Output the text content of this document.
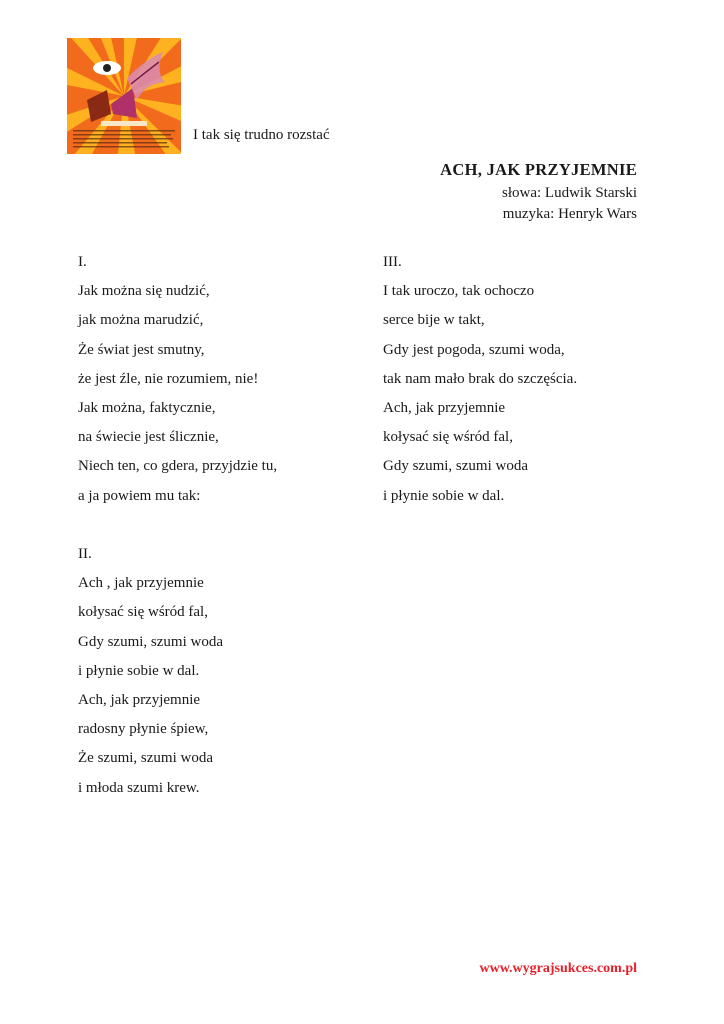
I tak się trudno rozstać
ACH, JAK PRZYJEMNIE
słowa: Ludwik Starski
muzyka: Henryk Wars
I.
Jak można się nudzić,
jak można marudzić,
Że świat jest smutny,
że jest źle, nie rozumiem, nie!
Jak można, faktycznie,
na świecie jest ślicznie,
Niech ten, co gdera, przyjdzie tu,
a ja powiem mu tak:
II.
Ach , jak przyjemnie
kołysać się wśród fal,
Gdy szumi, szumi woda
i płynie sobie w dal.
Ach, jak przyjemnie
radosny płynie śpiew,
Że szumi, szumi woda
i młoda szumi krew.
III.
I tak uroczo, tak ochoczo
serce bije w takt,
Gdy jest pogoda, szumi woda,
tak nam mało brak do szczęścia.
Ach, jak przyjemnie
kołysać się wśród fal,
Gdy szumi, szumi woda
i płynie sobie w dal.
www.wygrajsukces.com.pl
